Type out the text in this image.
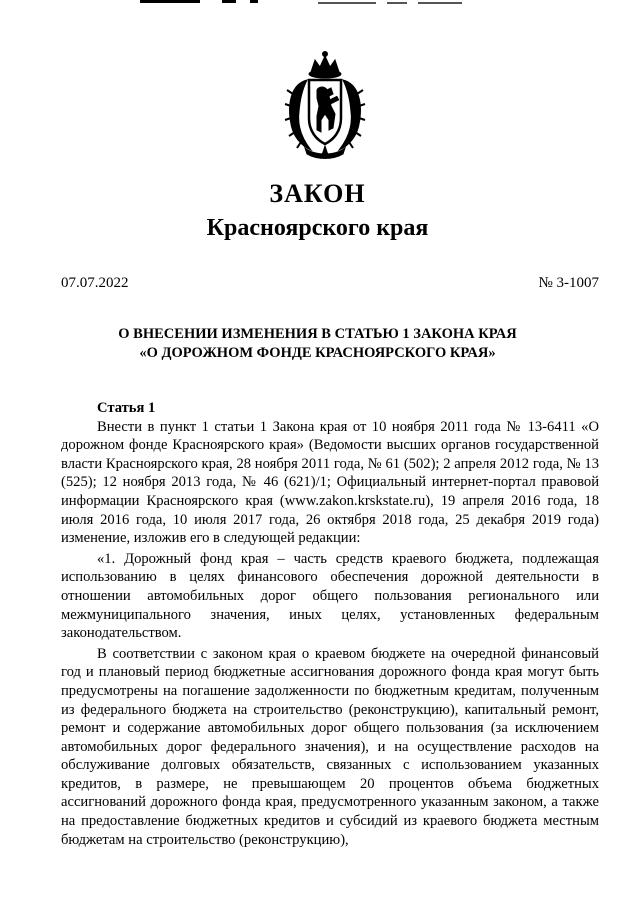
ЗАКОН
Красноярского края
07.07.2022	№ 3-1007
О ВНЕСЕНИИ ИЗМЕНЕНИЯ В СТАТЬЮ 1 ЗАКОНА КРАЯ
«О ДОРОЖНОМ ФОНДЕ КРАСНОЯРСКОГО КРАЯ»
Статья 1

Внести в пункт 1 статьи 1 Закона края от 10 ноября 2011 года № 13-6411 «О дорожном фонде Красноярского края» (Ведомости высших органов государственной власти Красноярского края, 28 ноября 2011 года, № 61 (502); 2 апреля 2012 года, № 13 (525); 12 ноября 2013 года, № 46 (621)/1; Официальный интернет-портал правовой информации Красноярского края (www.zakon.krskstate.ru), 19 апреля 2016 года, 18 июля 2016 года, 10 июля 2017 года, 26 октября 2018 года, 25 декабря 2019 года) изменение, изложив его в следующей редакции:

«1. Дорожный фонд края – часть средств краевого бюджета, подлежащая использованию в целях финансового обеспечения дорожной деятельности в отношении автомобильных дорог общего пользования регионального или межмуниципального значения, иных целях, установленных федеральным законодательством.

В соответствии с законом края о краевом бюджете на очередной финансовый год и плановый период бюджетные ассигнования дорожного фонда края могут быть предусмотрены на погашение задолженности по бюджетным кредитам, полученным из федерального бюджета на строительство (реконструкцию), капитальный ремонт, ремонт и содержание автомобильных дорог общего пользования (за исключением автомобильных дорог федерального значения), и на осуществление расходов на обслуживание долговых обязательств, связанных с использованием указанных кредитов, в размере, не превышающем 20 процентов объема бюджетных ассигнований дорожного фонда края, предусмотренного указанным законом, а также на предоставление бюджетных кредитов и субсидий из краевого бюджета местным бюджетам на строительство (реконструкцию),
